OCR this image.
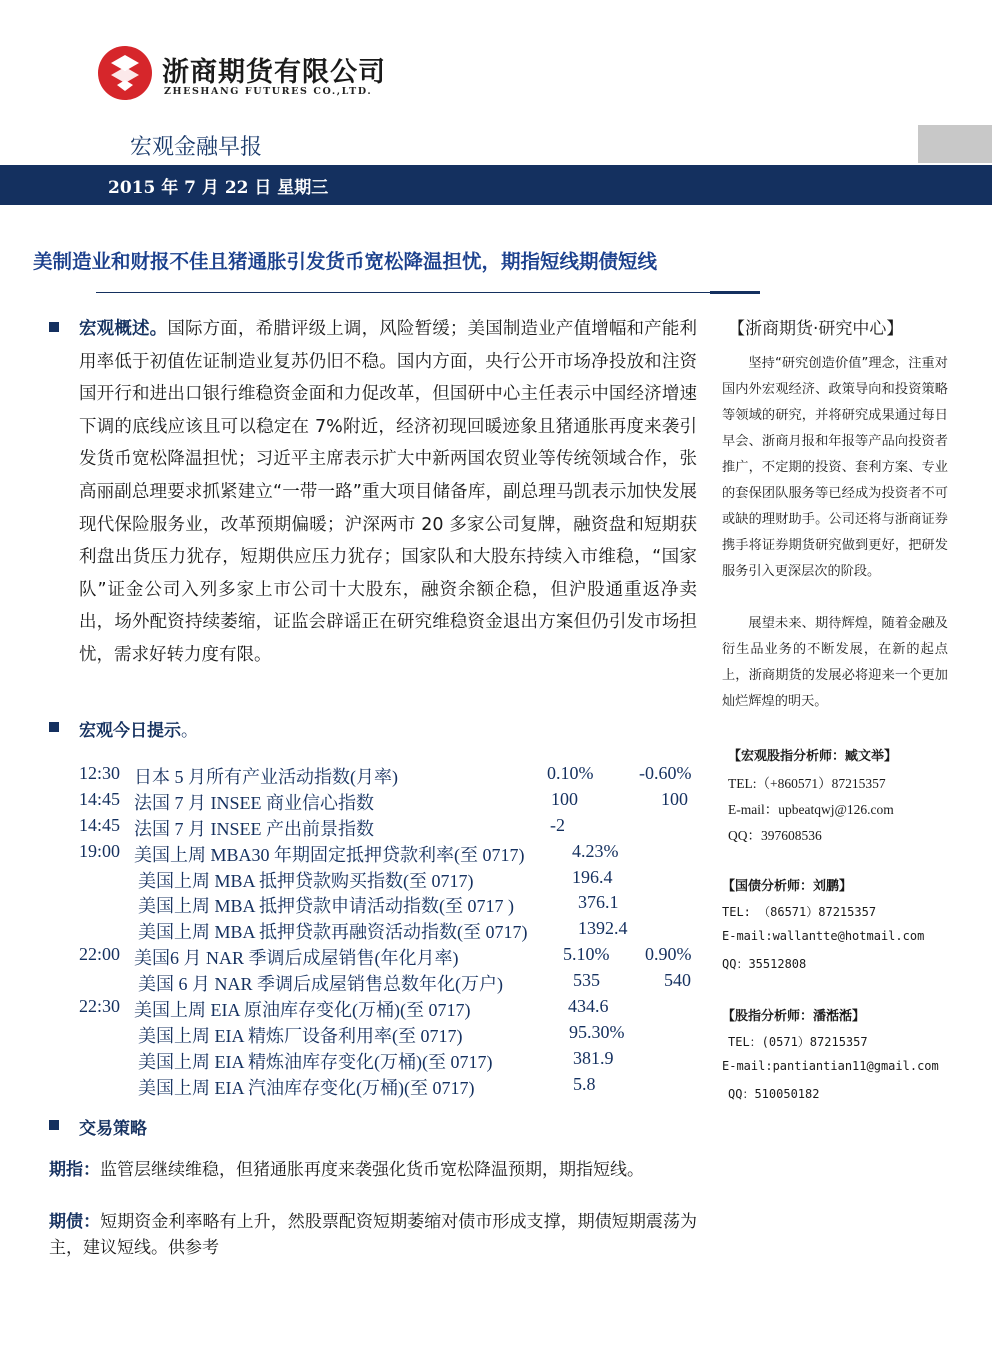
浙商期货有限公司
ZHESHANG FUTURES CO.,LTD.
宏观金融早报
2015 年 7 月 22 日 星期三
美制造业和财报不佳且猪通胀引发货币宽松降温担忧，期指短线期债短线
宏观概述。国际方面，希腊评级上调，风险暂缓；美国制造业产值增幅和产能利用率低于初值佐证制造业复苏仍旧不稳。国内方面，央行公开市场净投放和注资国开行和进出口银行维稳资金面和力促改革，但国研中心主任表示中国经济增速下调的底线应该且可以稳定在 7%附近，经济初现回暖迹象且猪通胀再度来袭引发货币宽松降温担忧；习近平主席表示扩大中新两国农贸业等传统领域合作，张高丽副总理要求抓紧建立“一带一路”重大项目储备库，副总理马凯表示加快发展现代保险服务业，改革预期偏暖；沪深两市 20 多家公司复牌，融资盘和短期获利盘出货压力犹存，短期供应压力犹存；国家队和大股东持续入市维稳，“国家队”证金公司入列多家上市公司十大股东，融资余额企稳，但沪股通重返净卖出，场外配资持续萎缩，证监会辟谣正在研究维稳资金退出方案但仍引发市场担忧，需求好转力度有限。
宏观今日提示。
12:30 日本 5 月所有产业活动指数(月率)	0.10%	-0.60%
14:45 法国 7 月 INSEE 商业信心指数	100	100
14:45 法国 7 月 INSEE 产出前景指数	-2
19:00 美国上周 MBA30 年期固定抵押贷款利率(至 0717)	4.23%
美国上周 MBA 抵押贷款购买指数(至 0717)	196.4
美国上周 MBA 抵押贷款申请活动指数(至 0717 )	376.1
美国上周 MBA 抵押贷款再融资活动指数(至 0717)	1392.4
22:00 美国6 月 NAR 季调后成屋销售(年化月率)	5.10% 0.90%
美国 6 月 NAR 季调后成屋销售总数年化(万户)	535	540
22:30 美国上周 EIA 原油库存变化(万桶)(至 0717)	434.6
美国上周 EIA 精炼厂设备利用率(至 0717)	95.30%
美国上周 EIA 精炼油库存变化(万桶)(至 0717)	381.9
美国上周 EIA 汽油库存变化(万桶)(至 0717)	5.8
交易策略
期指：监管层继续维稳，但猪通胀再度来袭强化货币宽松降温预期，期指短线。
期债：短期资金利率略有上升，然股票配资短期萎缩对债市形成支撑，期债短期震荡为主，建议短线。供参考
【浙商期货·研究中心】
坚持“研究创造价值”理念，注重对国内外宏观经济、政策导向和投资策略等领域的研究，并将研究成果通过每日早会、浙商月报和年报等产品向投资者推广，不定期的投资、套利方案、专业的套保团队服务等已经成为投资者不可或缺的理财助手。公司还将与浙商证券携手将证券期货研究做到更好，把研发服务引入更深层次的阶段。
展望未来、期待辉煌，随着金融及衍生品业务的不断发展，在新的起点上，浙商期货的发展必将迎来一个更加灿烂辉煌的明天。
【宏观股指分析师：臧文举】
TEL:（+860571）87215357
E-mail：upbeatqwj@126.com
QQ：397608536
【国债分析师：刘鹏】
TEL: （86571）87215357
E-mail:wallantte@hotmail.com
QQ：35512808
【股指分析师：潘湉湉】
TEL：(0571）87215357
E-mail:pantiantian11@gmail.com
QQ：510050182
